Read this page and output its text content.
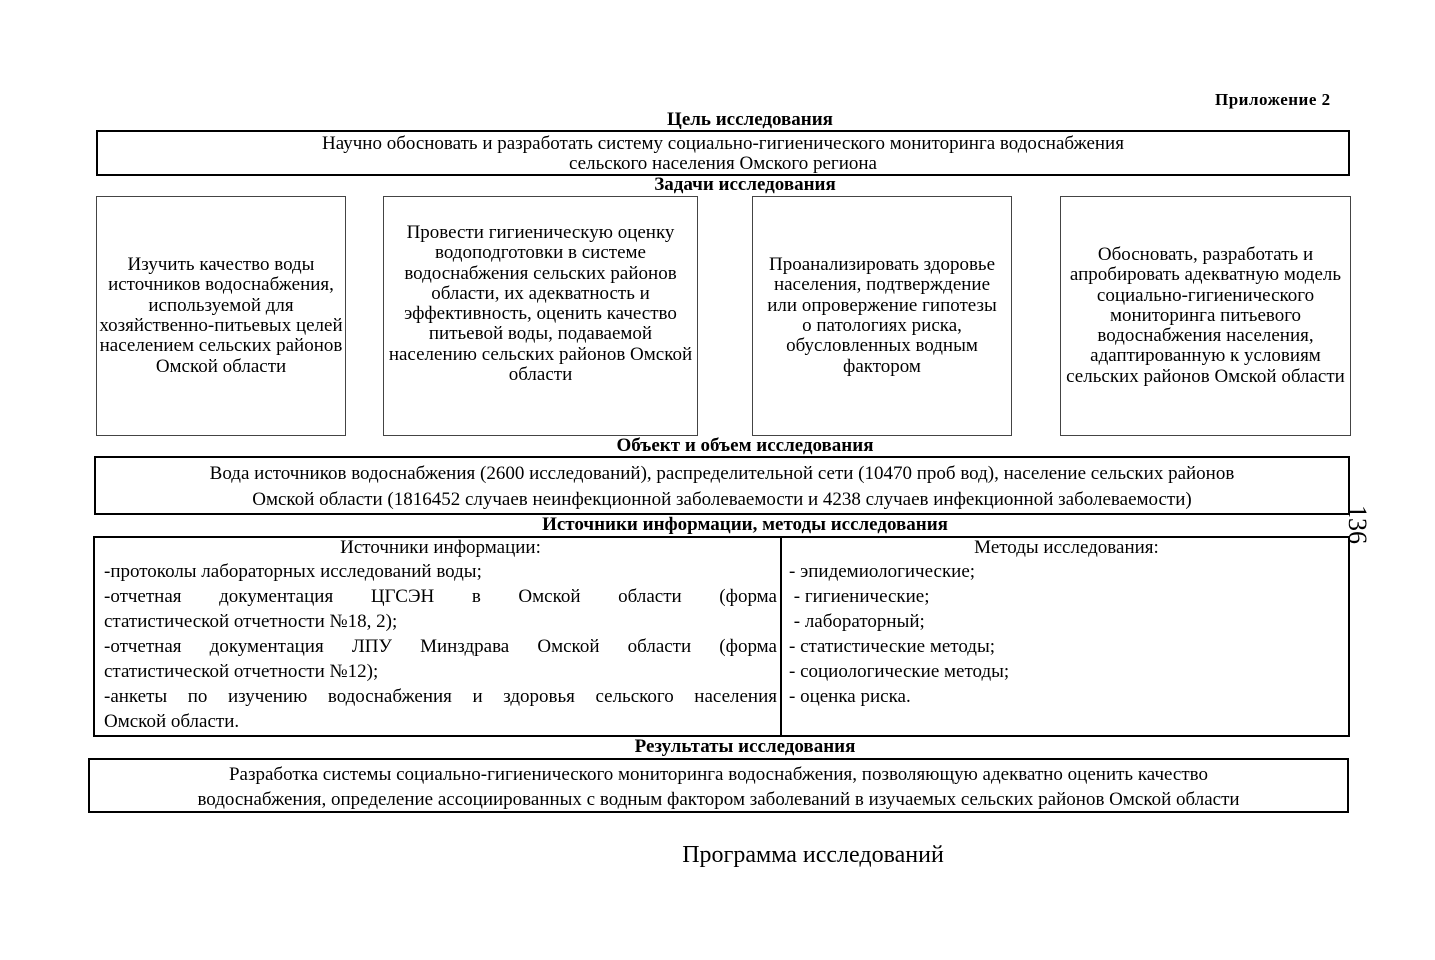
Приложение 2
136
Цель исследования
Научно обосновать и разработать систему социально-гигиенического мониторинга водоснабжения
сельского населения Омского региона
Задачи исследования
Изучить качество воды источников водоснабжения, используемой для хозяйственно-питьевых целей населением сельских районов Омской области
Провести гигиеническую оценку водоподготовки в системе водоснабжения сельских районов области, их адекватность и эффективность, оценить качество питьевой воды, подаваемой населению сельских районов Омской области
Проанализировать здоровье населения, подтверждение или опровержение гипотезы о патологиях риска, обусловленных водным фактором
Обосновать, разработать и апробировать адекватную модель социально-гигиенического мониторинга питьевого водоснабжения населения, адаптированную к условиям сельских районов Омской области
Объект и объем исследования
Вода источников водоснабжения (2600 исследований), распределительной сети (10470 проб вод), население сельских районов
Омской области (1816452 случаев неинфекционной заболеваемости и 4238 случаев инфекционной заболеваемости)
Источники информации, методы исследования
Источники информации:
-протоколы лабораторных исследований воды;
-отчетная документация ЦГСЭН в Омской области (форма
статистической отчетности №18, 2);
-отчетная документация ЛПУ Минздрава Омской области (форма
статистической отчетности №12);
-анкеты по изучению водоснабжения и здоровья сельского населения
Омской области.
Методы исследования:
- эпидемиологические;
- гигиенические;
- лабораторный;
- статистические методы;
- социологические методы;
- оценка риска.
Результаты исследования
Разработка системы социально-гигиенического мониторинга водоснабжения, позволяющую адекватно оценить качество
водоснабжения, определение ассоциированных с водным фактором заболеваний в изучаемых сельских районов Омской области
Программа исследований
